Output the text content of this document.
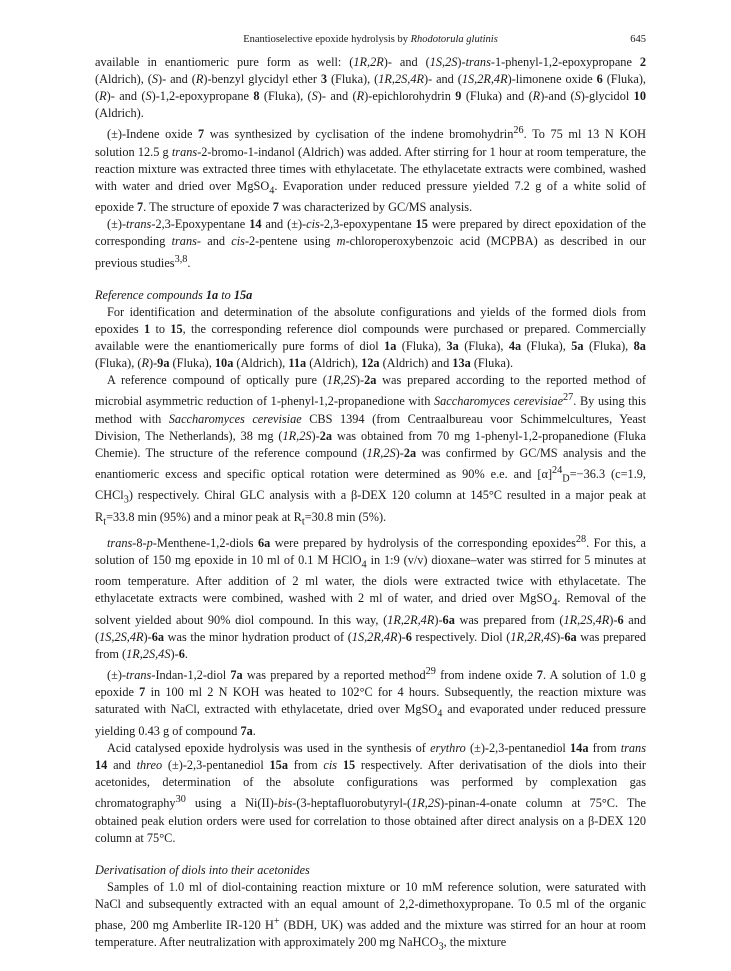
Enantioselective epoxide hydrolysis by Rhodotorula glutinis	645

available in enantiomeric pure form as well: (1R,2R)- and (1S,2S)-trans-1-phenyl-1,2-epoxypropane 2 (Aldrich), (S)- and (R)-benzyl glycidyl ether 3 (Fluka), (1R,2S,4R)- and (1S,2R,4R)-limonene oxide 6 (Fluka), (R)- and (S)-1,2-epoxypropane 8 (Fluka), (S)- and (R)-epichlorohydrin 9 (Fluka) and (R)-and (S)-glycidol 10 (Aldrich).

(±)-Indene oxide 7 was synthesized by cyclisation of the indene bromohydrin$^{26}$. To 75 ml 13 N KOH solution 12.5 g trans-2-bromo-1-indanol (Aldrich) was added. After stirring for 1 hour at room temperature, the reaction mixture was extracted three times with ethylacetate. The ethylacetate extracts were combined, washed with water and dried over MgSO$_4$. Evaporation under reduced pressure yielded 7.2 g of a white solid of epoxide 7. The structure of epoxide 7 was characterized by GC/MS analysis.

(±)-trans-2,3-Epoxypentane 14 and (±)-cis-2,3-epoxypentane 15 were prepared by direct epoxidation of the corresponding trans- and cis-2-pentene using m-chloroperoxybenzoic acid (MCPBA) as described in our previous studies$^{3,8}$.

Reference compounds 1a to 15a

For identification and determination of the absolute configurations and yields of the formed diols from epoxides 1 to 15, the corresponding reference diol compounds were purchased or prepared. Commercially available were the enantiomerically pure forms of diol 1a (Fluka), 3a (Fluka), 4a (Fluka), 5a (Fluka), 8a (Fluka), (R)-9a (Fluka), 10a (Aldrich), 11a (Aldrich), 12a (Aldrich) and 13a (Fluka).

A reference compound of optically pure (1R,2S)-2a was prepared according to the reported method of microbial asymmetric reduction of 1-phenyl-1,2-propanedione with Saccharomyces cerevisiae$^{27}$. By using this method with Saccharomyces cerevisiae CBS 1394 (from Centraalbureau voor Schimmelcultures, Yeast Division, The Netherlands), 38 mg (1R,2S)-2a was obtained from 70 mg 1-phenyl-1,2-propanedione (Fluka Chemie). The structure of the reference compound (1R,2S)-2a was confirmed by GC/MS analysis and the enantiomeric excess and specific optical rotation were determined as 90% e.e. and $[\alpha]^{24}_D=-36.3$ (c=1.9, CHCl$_3$) respectively. Chiral GLC analysis with a β-DEX 120 column at 145°C resulted in a major peak at $R_t=33.8$ min (95%) and a minor peak at $R_t=30.8$ min (5%).

trans-8-p-Menthene-1,2-diols 6a were prepared by hydrolysis of the corresponding epoxides$^{28}$. For this, a solution of 150 mg epoxide in 10 ml of 0.1 M HClO$_4$ in 1:9 (v/v) dioxane–water was stirred for 5 minutes at room temperature. After addition of 2 ml water, the diols were extracted twice with ethylacetate. The ethylacetate extracts were combined, washed with 2 ml of water, and dried over MgSO$_4$. Removal of the solvent yielded about 90% diol compound. In this way, (1R,2R,4R)-6a was prepared from (1R,2S,4R)-6 and (1S,2S,4R)-6a was the minor hydration product of (1S,2R,4R)-6 respectively. Diol (1R,2R,4S)-6a was prepared from (1R,2S,4S)-6.

(±)-trans-Indan-1,2-diol 7a was prepared by a reported method$^{29}$ from indene oxide 7. A solution of 1.0 g epoxide 7 in 100 ml 2 N KOH was heated to 102°C for 4 hours. Subsequently, the reaction mixture was saturated with NaCl, extracted with ethylacetate, dried over MgSO$_4$ and evaporated under reduced pressure yielding 0.43 g of compound 7a.

Acid catalysed epoxide hydrolysis was used in the synthesis of erythro (±)-2,3-pentanediol 14a from trans 14 and threo (±)-2,3-pentanediol 15a from cis 15 respectively. After derivatisation of the diols into their acetonides, determination of the absolute configurations was performed by complexation gas chromatography$^{30}$ using a Ni(II)-bis-(3-heptafluorobutyryl-(1R,2S)-pinan-4-onate column at 75°C. The obtained peak elution orders were used for correlation to those obtained after direct analysis on a β-DEX 120 column at 75°C.

Derivatisation of diols into their acetonides

Samples of 1.0 ml of diol-containing reaction mixture or 10 mM reference solution, were saturated with NaCl and subsequently extracted with an equal amount of 2,2-dimethoxypropane. To 0.5 ml of the organic phase, 200 mg Amberlite IR-120 H+ (BDH, UK) was added and the mixture was stirred for an hour at room temperature. After neutralization with approximately 200 mg NaHCO$_3$, the mixture
